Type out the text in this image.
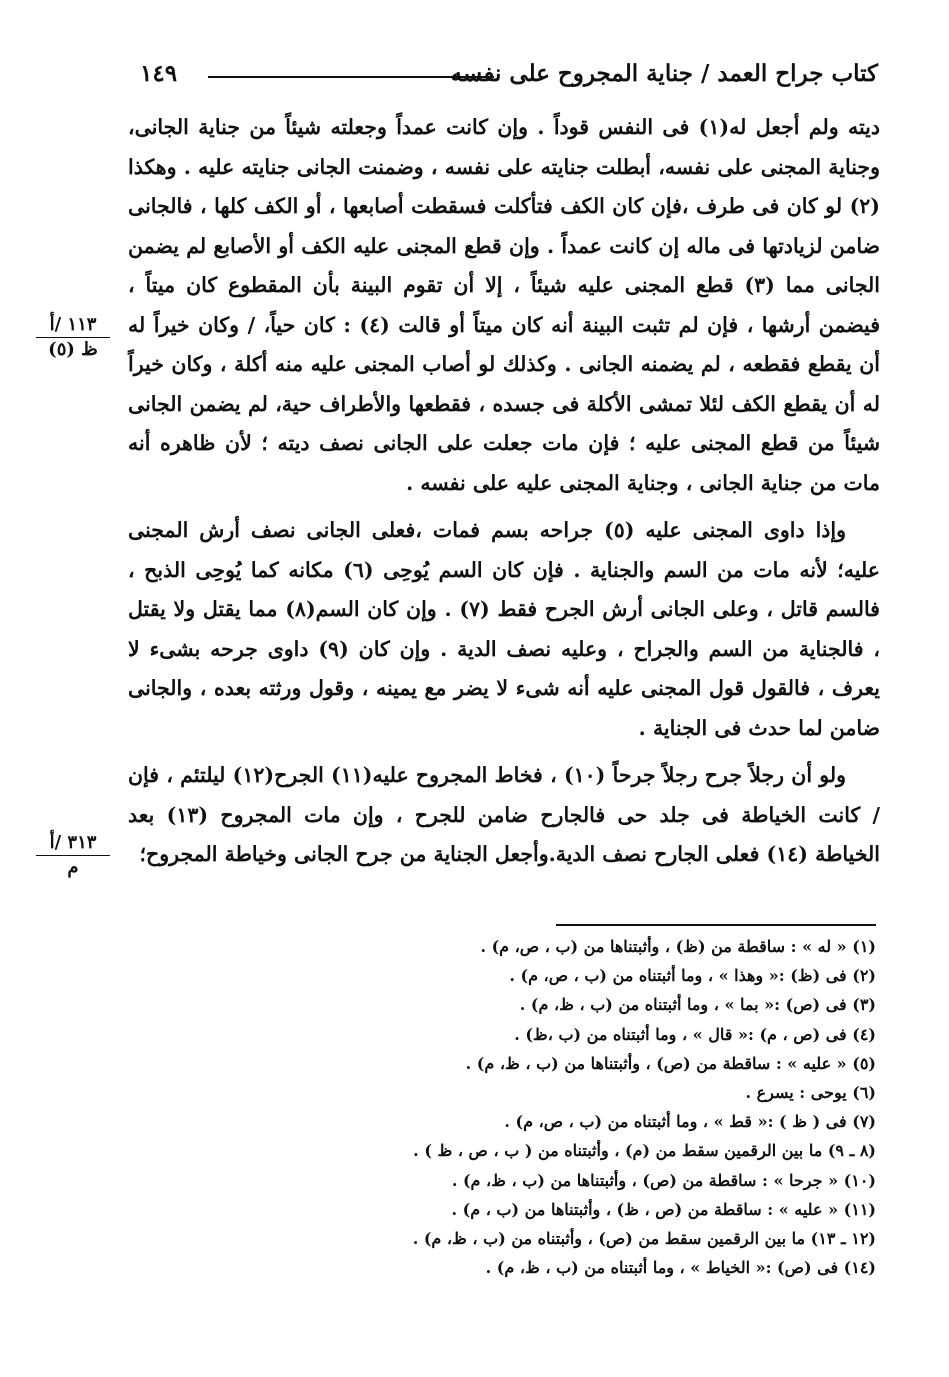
كتاب جراح العمد / جناية المجروح على نفسه
١٤٩
١١٣ /أ
ظ (٥)
٣١٣ /أ
م

ديته ولم أجعل له(١) فى النفس قوداً . وإن كانت عمداً وجعلته شيئاً من جناية الجانى، وجناية المجنى على نفسه، أبطلت جنايته على نفسه ، وضمنت الجانى جنايته عليه . وهكذا (٢) لو كان فى طرف ،فإن كان الكف فتأكلت فسقطت أصابعها ، أو الكف كلها ، فالجانى ضامن لزيادتها فى ماله إن كانت عمداً . وإن قطع المجنى عليه الكف أو الأصابع لم يضمن الجانى مما (٣) قطع المجنى عليه شيئاً ، إلا أن تقوم البينة بأن المقطوع كان ميتاً ، فيضمن أرشها ، فإن لم تثبت البينة أنه كان ميتاً أو قالت (٤) : كان حياً، / وكان خيراً له أن يقطع فقطعه ، لم يضمنه الجانى . وكذلك لو أصاب المجنى عليه منه أكلة ، وكان خيراً له أن يقطع الكف لئلا تمشى الأكلة فى جسده ، فقطعها والأطراف حية، لم يضمن الجانى شيئاً من قطع المجنى عليه ؛ فإن مات جعلت على الجانى نصف ديته ؛ لأن ظاهره أنه مات من جناية الجانى ، وجناية المجنى عليه على نفسه .

وإذا داوى المجنى عليه (٥) جراحه بسم فمات ،فعلى الجانى نصف أرش المجنى عليه؛ لأنه مات من السم والجناية . فإن كان السم يُوحِى (٦) مكانه كما يُوحِى الذبح ، فالسم قاتل ، وعلى الجانى أرش الجرح فقط (٧) . وإن كان السم(٨) مما يقتل ولا يقتل ، فالجناية من السم والجراح ، وعليه نصف الدية . وإن كان (٩) داوى جرحه بشىء لا يعرف ، فالقول قول المجنى عليه أنه شىء لا يضر مع يمينه ، وقول ورثته بعده ، والجانى ضامن لما حدث فى الجناية .

ولو أن رجلاً جرح رجلاً جرحاً (١٠) ، فخاط المجروح عليه(١١) الجرح(١٢) ليلتئم ، فإن / كانت الخياطة فى جلد حى فالجارح ضامن للجرح ، وإن مات المجروح (١٣) بعد الخياطة (١٤) فعلى الجارح نصف الدية.وأجعل الجناية من جرح الجانى وخياطة المجروح؛

(١) « له » : ساقطة من (ظ) ، وأثبتناها من (ب ، ص، م) .
(٢) فى (ظ) :« وهذا » ، وما أثبتناه من (ب ، ص، م) .
(٣) فى (ص) :« بما » ، وما أثبتناه من (ب ، ظ، م) .
(٤) فى (ص ، م) :« قال » ، وما أثبتناه من (ب ،ظ) .
(٥) « عليه » : ساقطة من (ص) ، وأثبتناها من (ب ، ظ، م) .
(٦) يوحى : يسرع .
(٧) فى ( ظ ) :« قط » ، وما أثبتناه من (ب ، ص، م) .
(٨ ـ ٩) ما بين الرقمين سقط من (م) ، وأثبتناه من ( ب ، ص ، ظ ) .
(١٠) « جرحا » : ساقطة من (ص) ، وأثبتناها من (ب ، ظ، م) .
(١١) « عليه » : ساقطة من (ص ، ظ) ، وأثبتناها من (ب ، م) .
(١٢ ـ ١٣) ما بين الرقمين سقط من (ص) ، وأثبتناه من (ب ، ظ، م) .
(١٤) فى (ص) :« الخياط » ، وما أثبتناه من (ب ، ظ، م) .
